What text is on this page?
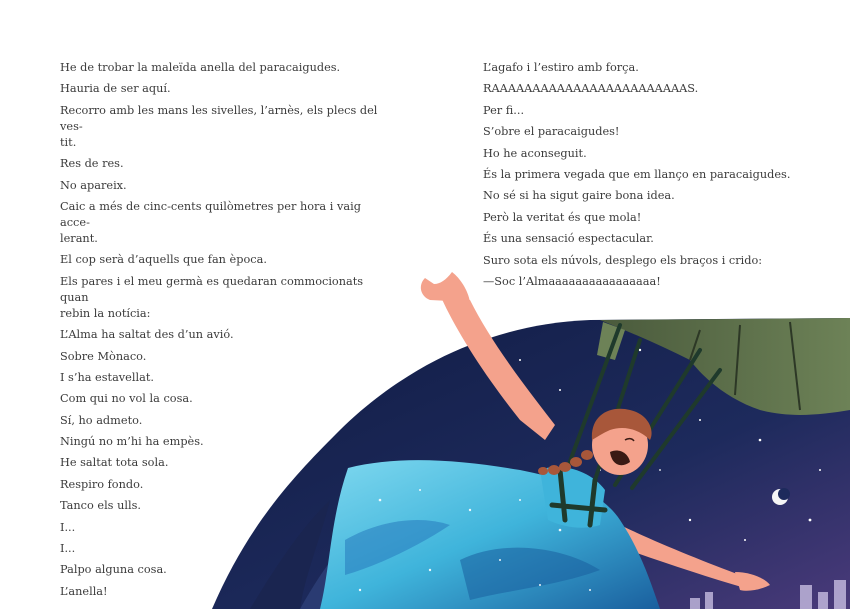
He de trobar la maleïda anella del paracaigudes.

Hauria de ser aquí.

Recorro amb les mans les sivelles, l’arnès, els plecs del ves-
tit.

Res de res.

No apareix.

Caic a més de cinc-cents quilòmetres per hora i vaig acce-
lerant.

El cop serà d’aquells que fan època.

Els pares i el meu germà es quedaran commocionats quan
rebin la notícia:

L’Alma ha saltat des d’un avió.

Sobre Mònaco.

I s’ha estavellat.

Com qui no vol la cosa.

Sí, ho admeto.

Ningú no m’hi ha empès.

He saltat tota sola.

Respiro fondo.

Tanco els ulls.

I...

I...

Palpo alguna cosa.

L’anella!

L’agafo i l’estiro amb força.

RAAAAAAAAAAAAAAAAAAAAAAAAS.

Per fi...

S’obre el paracaigudes!

Ho he aconseguit.

És la primera vegada que em llanço en paracaigudes.

No sé si ha sigut gaire bona idea.

Però la veritat és que mola!

És una sensació espectacular.

Suro sota els núvols, desplego els braços i crido:

—Soc l’Almaaaaaaaaaaaaaaaa!
